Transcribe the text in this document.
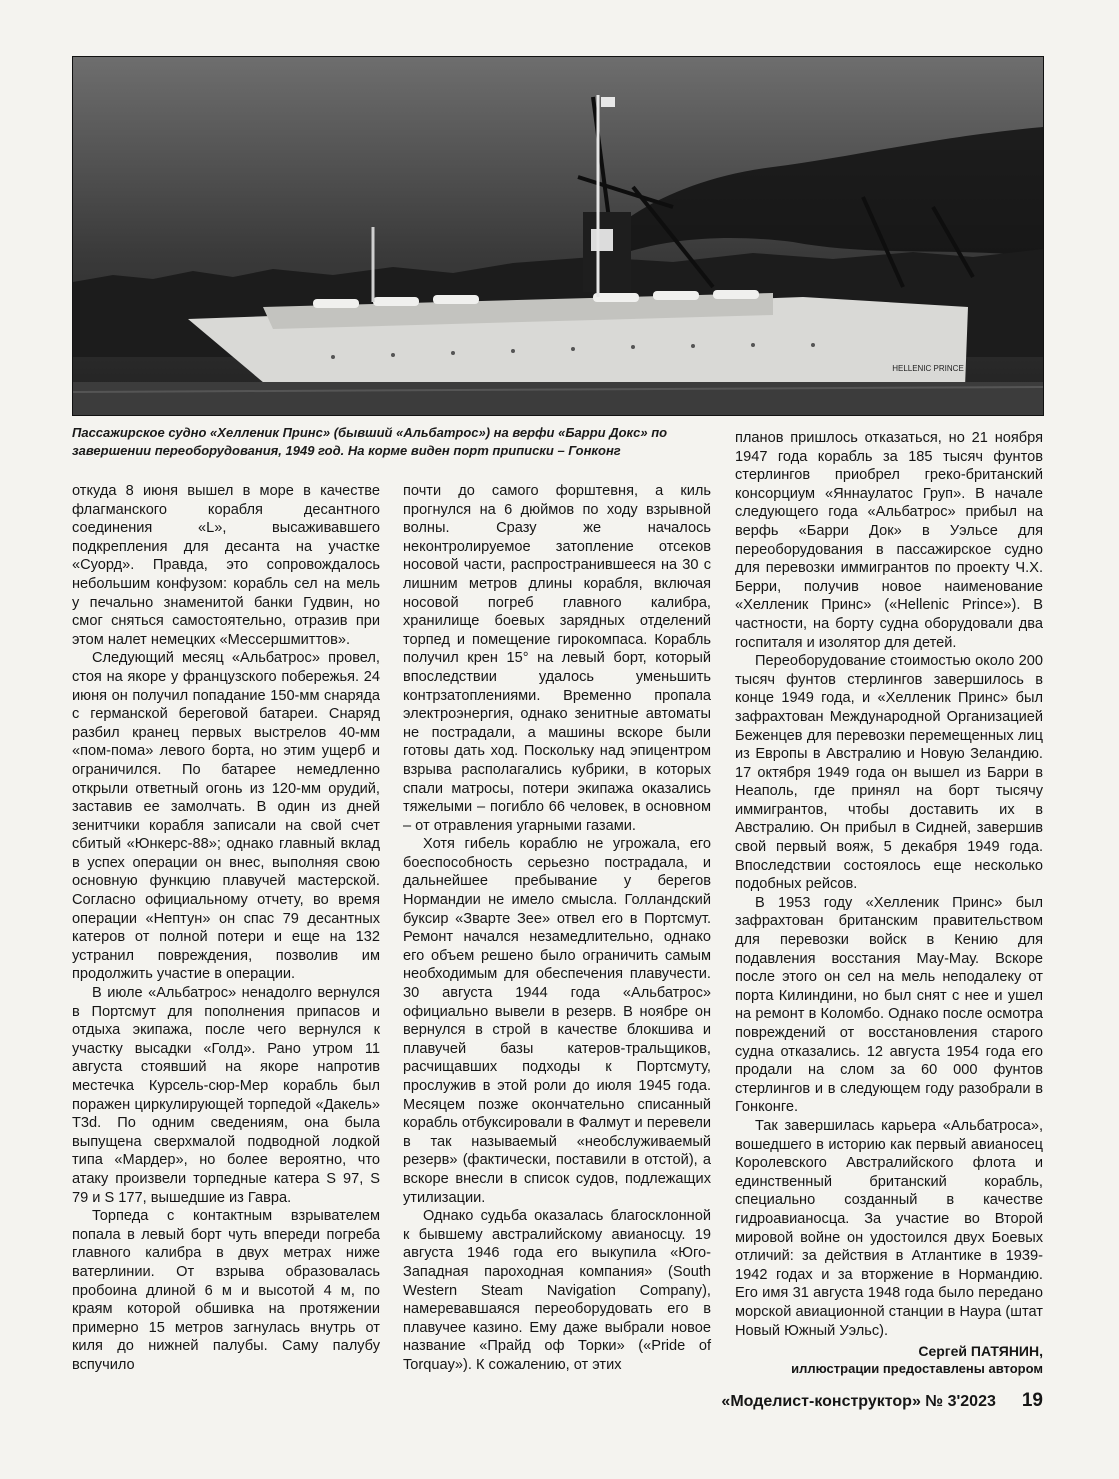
HELLENIC PRINCE

Пассажирское судно «Хелленик Принс» (бывший «Альбатрос») на верфи «Барри Докс» по завершении переоборудования, 1949 год. На корме виден порт приписки – Гонконг

откуда 8 июня вышел в море в качестве флагманского корабля десантного соединения «L», высаживавшего подкрепления для десанта на участке «Суорд». Правда, это сопровождалось небольшим конфузом: корабль сел на мель у печально знаменитой банки Гудвин, но смог сняться самостоятельно, отразив при этом налет немецких «Мессершмиттов».

Следующий месяц «Альбатрос» провел, стоя на якоре у французского побережья. 24 июня он получил попадание 150-мм снаряда с германской береговой батареи. Снаряд разбил кранец первых выстрелов 40-мм «пом-пома» левого борта, но этим ущерб и ограничился. По батарее немедленно открыли ответный огонь из 120-мм орудий, заставив ее замолчать. В один из дней зенитчики корабля записали на свой счет сбитый «Юнкерс-88»; однако главный вклад в успех операции он внес, выполняя свою основную функцию плавучей мастерской. Согласно официальному отчету, во время операции «Нептун» он спас 79 десантных катеров от полной потери и еще на 132 устранил повреждения, позволив им продолжить участие в операции.

В июле «Альбатрос» ненадолго вернулся в Портсмут для пополнения припасов и отдыха экипажа, после чего вернулся к участку высадки «Голд». Рано утром 11 августа стоявший на якоре напротив местечка Курсель-сюр-Мер корабль был поражен циркулирующей торпедой «Дакель» T3d. По одним сведениям, она была выпущена сверхмалой подводной лодкой типа «Мардер», но более вероятно, что атаку произвели торпедные катера S 97, S 79 и S 177, вышедшие из Гавра.

Торпеда с контактным взрывателем попала в левый борт чуть впереди погреба главного калибра в двух метрах ниже ватерлинии. От взрыва образовалась пробоина длиной 6 м и высотой 4 м, по краям которой обшивка на протяжении примерно 15 метров загнулась внутрь от киля до нижней палубы. Саму палубу вспучило

почти до самого форштевня, а киль прогнулся на 6 дюймов по ходу взрывной волны. Сразу же началось неконтролируемое затопление отсеков носовой части, распространившееся на 30 с лишним метров длины корабля, включая носовой погреб главного калибра, хранилище боевых зарядных отделений торпед и помещение гирокомпаса. Корабль получил крен 15° на левый борт, который впоследствии удалось уменьшить контрзатоплениями. Временно пропала электроэнергия, однако зенитные автоматы не пострадали, а машины вскоре были готовы дать ход. Поскольку над эпицентром взрыва располагались кубрики, в которых спали матросы, потери экипажа оказались тяжелыми – погибло 66 человек, в основном – от отравления угарными газами.

Хотя гибель кораблю не угрожала, его боеспособность серьезно пострадала, и дальнейшее пребывание у берегов Нормандии не имело смысла. Голландский буксир «Зварте Зее» отвел его в Портсмут. Ремонт начался незамедлительно, однако его объем решено было ограничить самым необходимым для обеспечения плавучести. 30 августа 1944 года «Альбатрос» официально вывели в резерв. В ноябре он вернулся в строй в качестве блокшива и плавучей базы катеров-тральщиков, расчищавших подходы к Портсмуту, прослужив в этой роли до июля 1945 года. Месяцем позже окончательно списанный корабль отбуксировали в Фалмут и перевели в так называемый «необслуживаемый резерв» (фактически, поставили в отстой), а вскоре внесли в список судов, подлежащих утилизации.

Однако судьба оказалась благосклонной к бывшему австралийскому авианосцу. 19 августа 1946 года его выкупила «Юго-Западная пароходная компания» (South Western Steam Navigation Company), намеревавшаяся переоборудовать его в плавучее казино. Ему даже выбрали новое название «Прайд оф Торки» («Pride of Torquay»). К сожалению, от этих

планов пришлось отказаться, но 21 ноября 1947 года корабль за 185 тысяч фунтов стерлингов приобрел греко-британский консорциум «Яннаулатос Груп». В начале следующего года «Альбатрос» прибыл на верфь «Барри Док» в Уэльсе для переоборудования в пассажирское судно для перевозки иммигрантов по проекту Ч.Х. Берри, получив новое наименование «Хелленик Принс» («Hellenic Prince»). В частности, на борту судна оборудовали два госпиталя и изолятор для детей.

Переоборудование стоимостью около 200 тысяч фунтов стерлингов завершилось в конце 1949 года, и «Хелленик Принс» был зафрахтован Международной Организацией Беженцев для перевозки перемещенных лиц из Европы в Австралию и Новую Зеландию. 17 октября 1949 года он вышел из Барри в Неаполь, где принял на борт тысячу иммигрантов, чтобы доставить их в Австралию. Он прибыл в Сидней, завершив свой первый вояж, 5 декабря 1949 года. Впоследствии состоялось еще несколько подобных рейсов.

В 1953 году «Хелленик Принс» был зафрахтован британским правительством для перевозки войск в Кению для подавления восстания Мау-Мау. Вскоре после этого он сел на мель неподалеку от порта Килиндини, но был снят с нее и ушел на ремонт в Коломбо. Однако после осмотра повреждений от восстановления старого судна отказались. 12 августа 1954 года его продали на слом за 60 000 фунтов стерлингов и в следующем году разобрали в Гонконге.

Так завершилась карьера «Альбатроса», вошедшего в историю как первый авианосец Королевского Австралийского флота и единственный британский корабль, специально созданный в качестве гидроавианосца. За участие во Второй мировой войне он удостоился двух Боевых отличий: за действия в Атлантике в 1939-1942 годах и за вторжение в Нормандию. Его имя 31 августа 1948 года было передано морской авиационной станции в Наура (штат Новый Южный Уэльс).

Сергей ПАТЯНИН,
иллюстрации предоставлены автором
«Моделист-конструктор» № 3'2023 19
